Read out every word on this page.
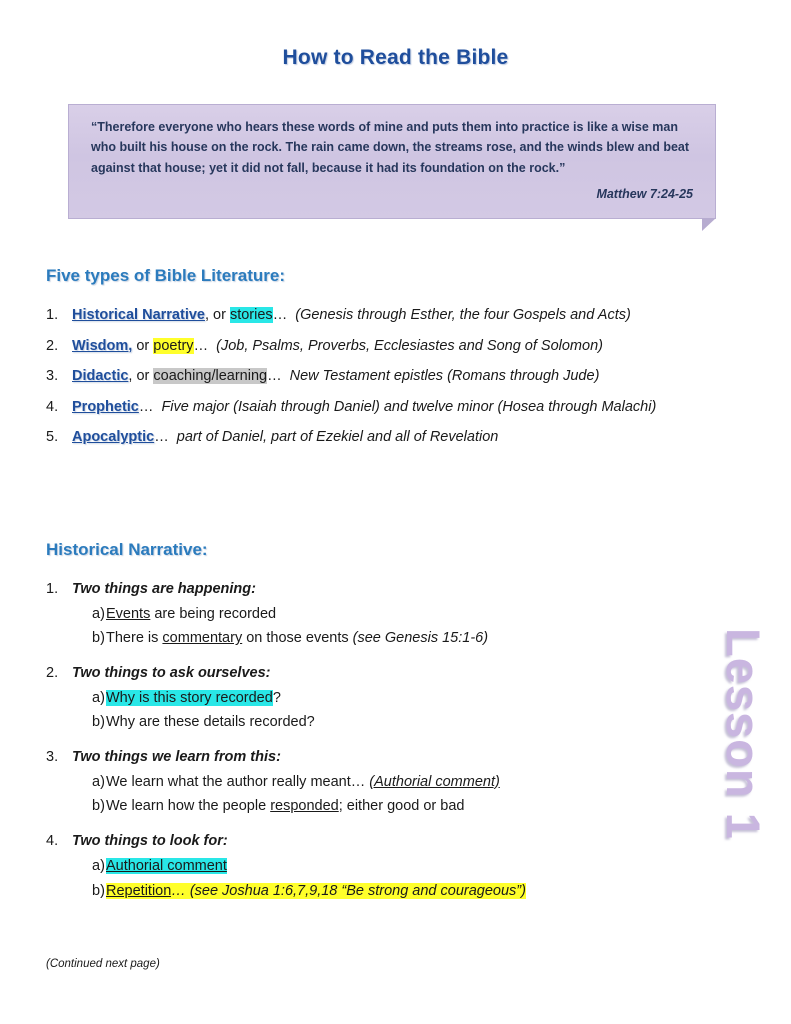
How to Read the Bible
“Therefore everyone who hears these words of mine and puts them into practice is like a wise man who built his house on the rock. The rain came down, the streams rose, and the winds blew and beat against that house; yet it did not fall, because it had its foundation on the rock.”
Matthew 7:24-25
Five types of Bible Literature:
1. Historical Narrative, or stories… (Genesis through Esther, the four Gospels and Acts)
2. Wisdom, or poetry… (Job, Psalms, Proverbs, Ecclesiastes and Song of Solomon)
3. Didactic, or coaching/learning… New Testament epistles (Romans through Jude)
4. Prophetic… Five major (Isaiah through Daniel) and twelve minor (Hosea through Malachi)
5. Apocalyptic… part of Daniel, part of Ezekiel and all of Revelation
Historical Narrative:
1. Two things are happening:
a) Events are being recorded
b) There is commentary on those events (see Genesis 15:1-6)
2. Two things to ask ourselves:
a) Why is this story recorded?
b) Why are these details recorded?
3. Two things we learn from this:
a) We learn what the author really meant… (Authorial comment)
b) We learn how the people responded; either good or bad
4. Two things to look for:
a) Authorial comment
b) Repetition… (see Joshua 1:6,7,9,18 “Be strong and courageous”)
Lesson 1
(Continued next page)
